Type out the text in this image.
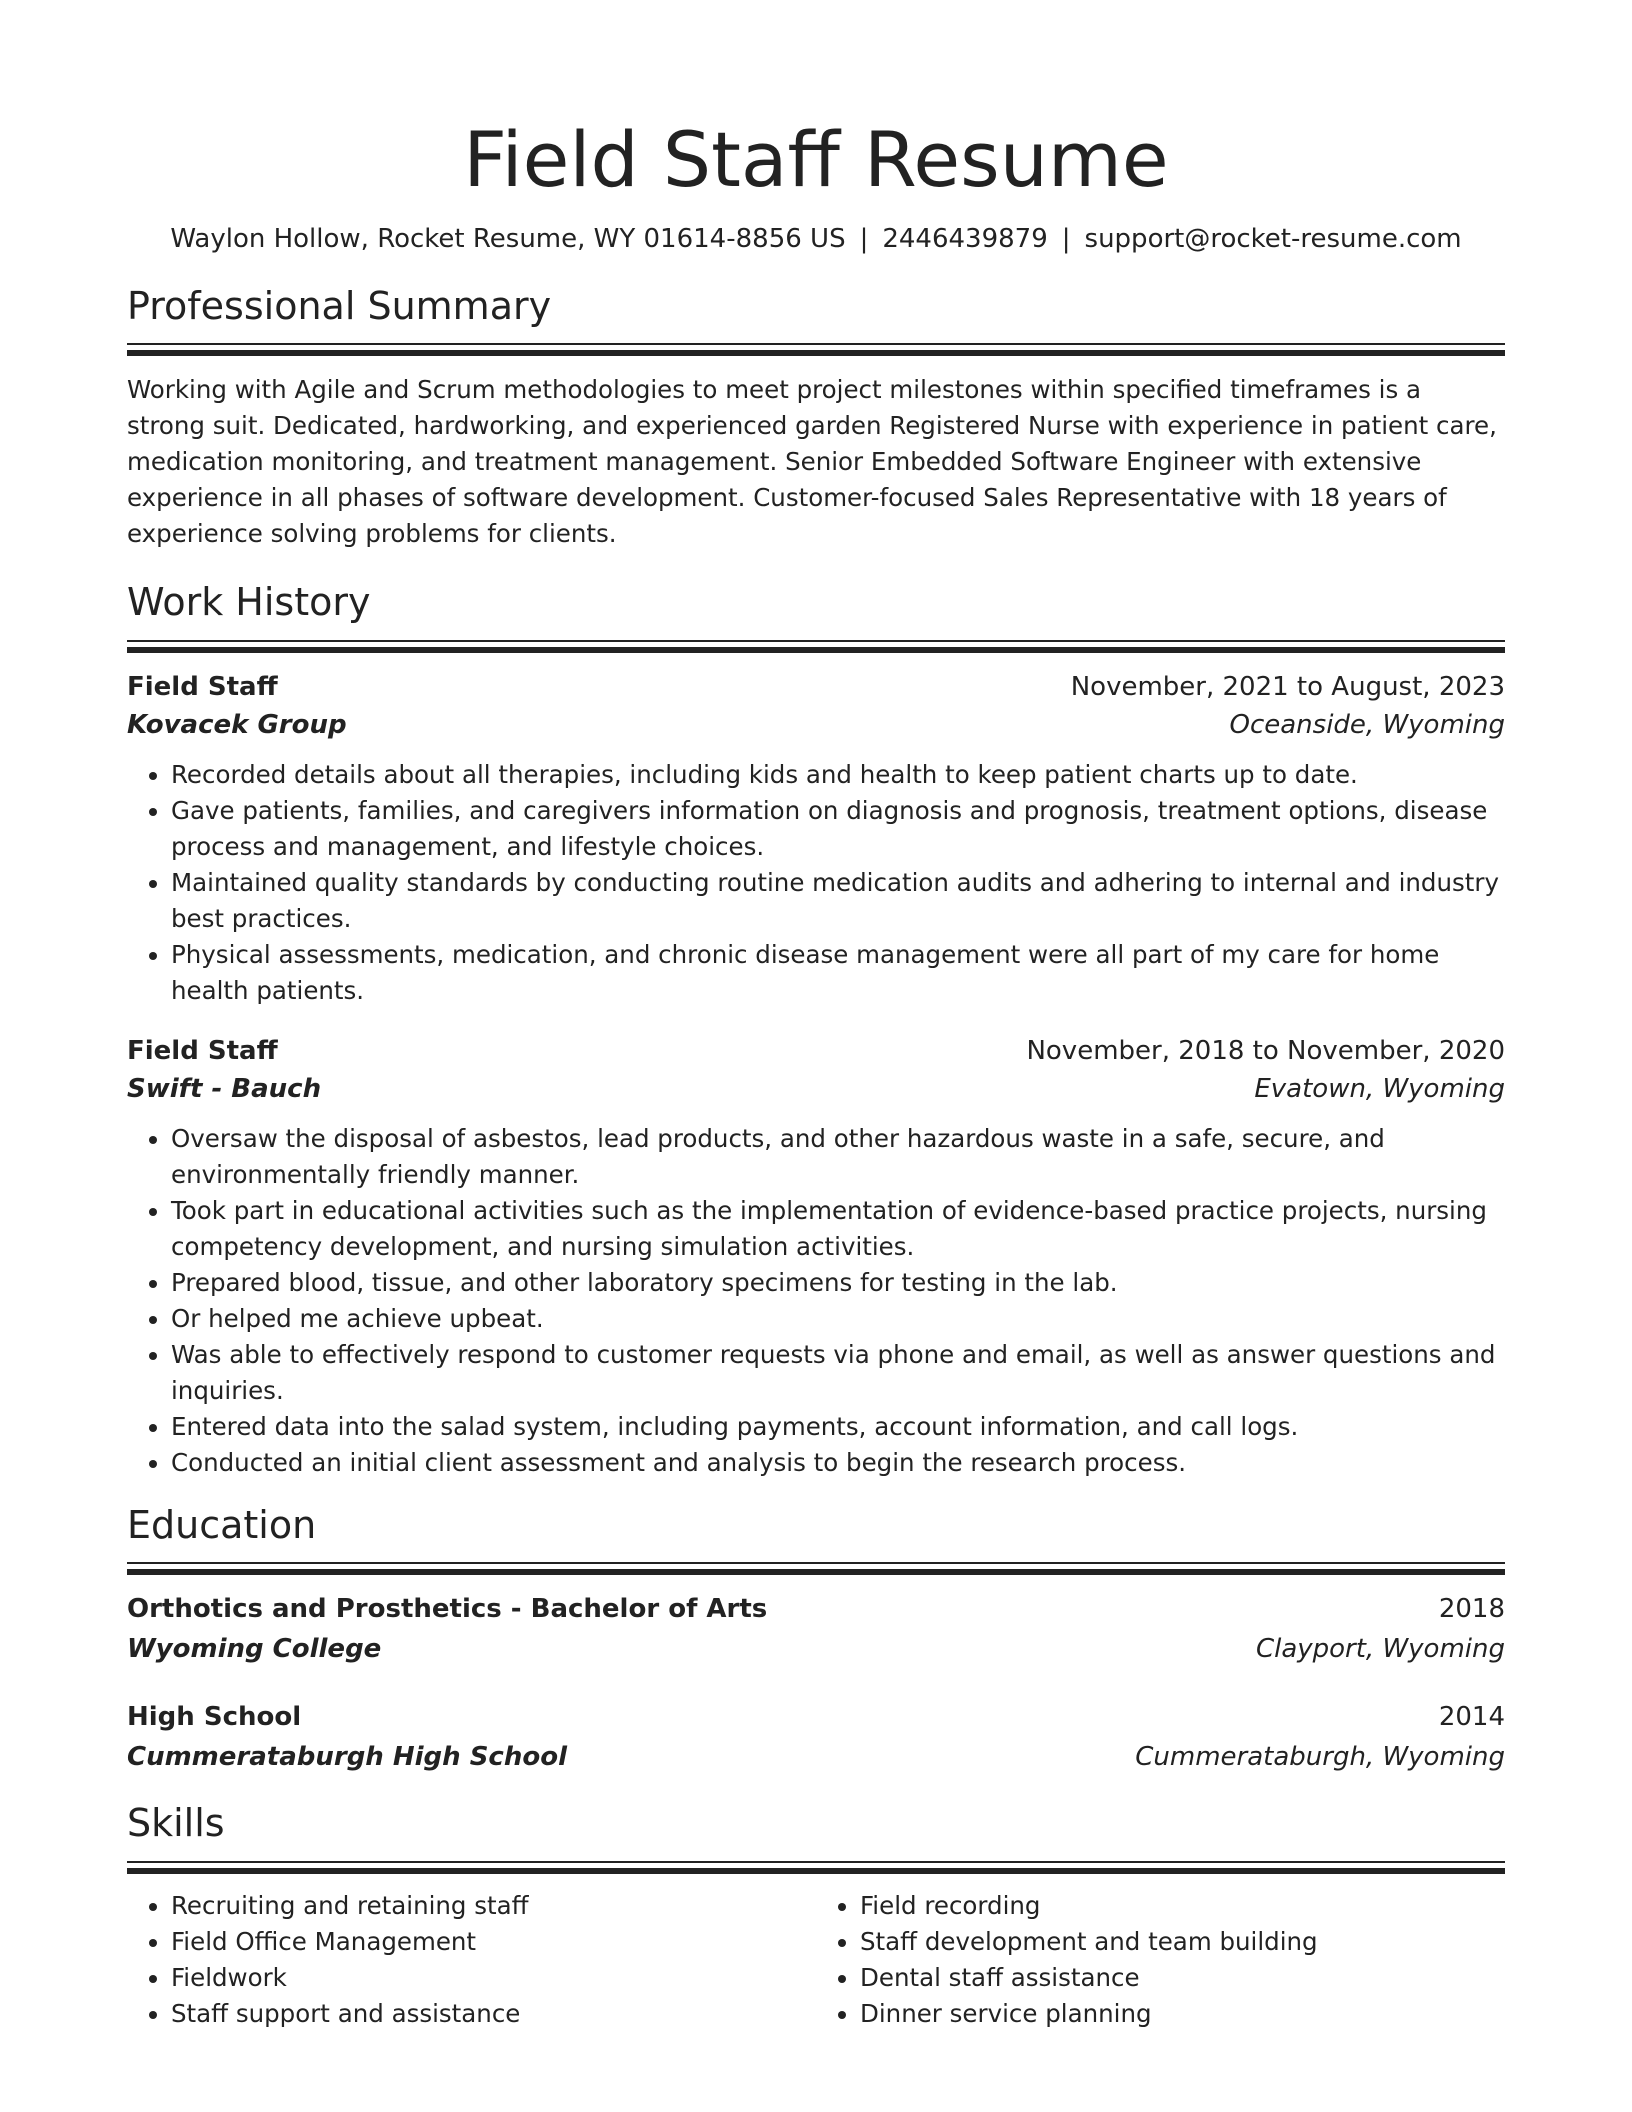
Field Staff Resume
Waylon Hollow, Rocket Resume, WY 01614-8856 US | 2446439879 | support@rocket-resume.com
Professional Summary

Working with Agile and Scrum methodologies to meet project milestones within specified timeframes is a strong suit. Dedicated, hardworking, and experienced garden Registered Nurse with experience in patient care, medication monitoring, and treatment management. Senior Embedded Software Engineer with extensive experience in all phases of software development. Customer-focused Sales Representative with 18 years of experience solving problems for clients.

Work History
Field Staff	November, 2021 to August, 2023
Kovacek Group	Oceanside, Wyoming
• Recorded details about all therapies, including kids and health to keep patient charts up to date.
• Gave patients, families, and caregivers information on diagnosis and prognosis, treatment options, disease process and management, and lifestyle choices.
• Maintained quality standards by conducting routine medication audits and adhering to internal and industry best practices.
• Physical assessments, medication, and chronic disease management were all part of my care for home health patients.
Field Staff	November, 2018 to November, 2020
Swift - Bauch	Evatown, Wyoming
• Oversaw the disposal of asbestos, lead products, and other hazardous waste in a safe, secure, and environmentally friendly manner.
• Took part in educational activities such as the implementation of evidence-based practice projects, nursing competency development, and nursing simulation activities.
• Prepared blood, tissue, and other laboratory specimens for testing in the lab.
• Or helped me achieve upbeat.
• Was able to effectively respond to customer requests via phone and email, as well as answer questions and inquiries.
• Entered data into the salad system, including payments, account information, and call logs.
• Conducted an initial client assessment and analysis to begin the research process.
Education
Orthotics and Prosthetics - Bachelor of Arts	2018
Wyoming College	Clayport, Wyoming
High School	2014
Cummerataburgh High School	Cummerataburgh, Wyoming
Skills
• Recruiting and retaining staff
• Field Office Management
• Fieldwork
• Staff support and assistance
• Field recording
• Staff development and team building
• Dental staff assistance
• Dinner service planning
